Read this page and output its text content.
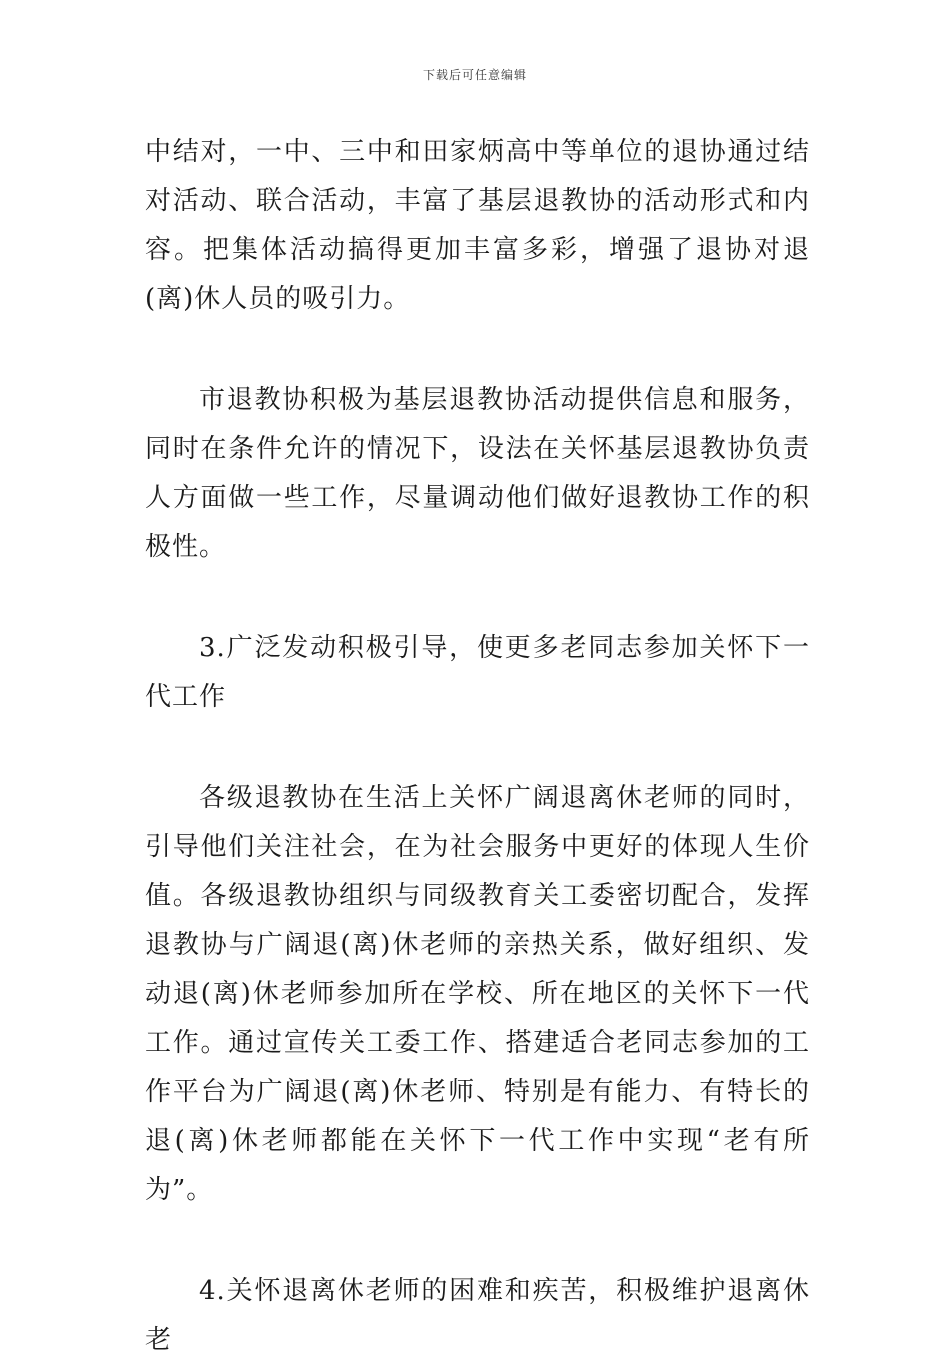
下载后可任意编辑

中结对，一中、三中和田家炳高中等单位的退协通过结对活动、联合活动，丰富了基层退教协的活动形式和内容。把集体活动搞得更加丰富多彩，增强了退协对退(离)休人员的吸引力。

市退教协积极为基层退教协活动提供信息和服务，同时在条件允许的情况下，设法在关怀基层退教协负责人方面做一些工作，尽量调动他们做好退教协工作的积极性。

3.广泛发动积极引导，使更多老同志参加关怀下一代工作

各级退教协在生活上关怀广阔退离休老师的同时，引导他们关注社会，在为社会服务中更好的体现人生价值。各级退教协组织与同级教育关工委密切配合，发挥退教协与广阔退(离)休老师的亲热关系，做好组织、发动退(离)休老师参加所在学校、所在地区的关怀下一代工作。通过宣传关工委工作、搭建适合老同志参加的工作平台为广阔退(离)休老师、特别是有能力、有特长的退(离)休老师都能在关怀下一代工作中实现“老有所为”。

4.关怀退离休老师的困难和疾苦，积极维护退离休老
